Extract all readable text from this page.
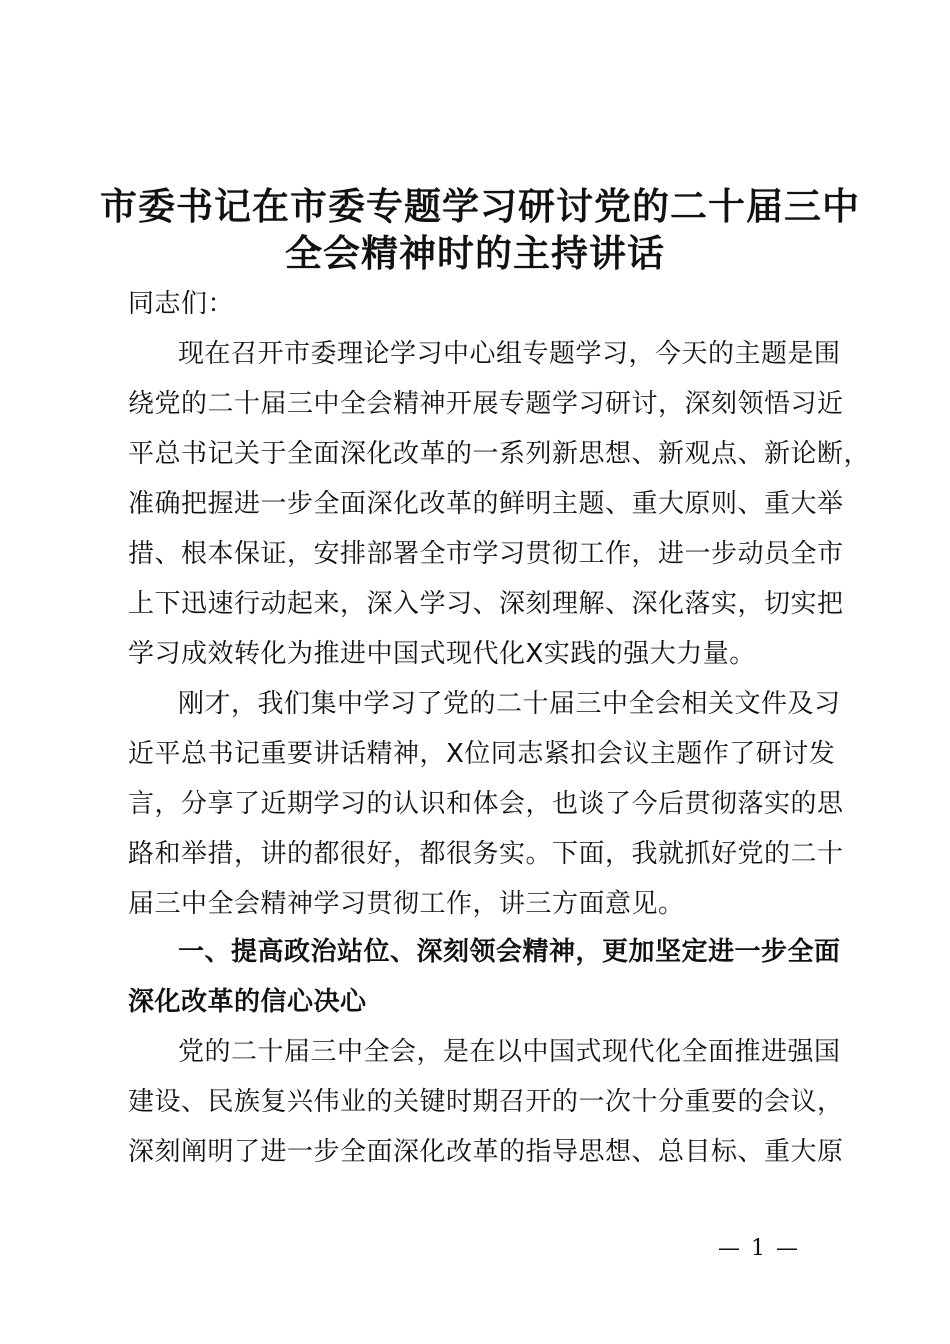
市委书记在市委专题学习研讨党的二十届三中
全会精神时的主持讲话
同志们：
现在召开市委理论学习中心组专题学习，今天的主题是围
绕党的二十届三中全会精神开展专题学习研讨，深刻领悟习近
平总书记关于全面深化改革的一系列新思想、新观点、新论断，
准确把握进一步全面深化改革的鲜明主题、重大原则、重大举
措、根本保证，安排部署全市学习贯彻工作，进一步动员全市
上下迅速行动起来，深入学习、深刻理解、深化落实，切实把
学习成效转化为推进中国式现代化X实践的强大力量。
刚才，我们集中学习了党的二十届三中全会相关文件及习
近平总书记重要讲话精神，X位同志紧扣会议主题作了研讨发
言，分享了近期学习的认识和体会，也谈了今后贯彻落实的思
路和举措，讲的都很好，都很务实。下面，我就抓好党的二十
届三中全会精神学习贯彻工作，讲三方面意见。
一、提高政治站位、深刻领会精神，更加坚定进一步全面
深化改革的信心决心
党的二十届三中全会，是在以中国式现代化全面推进强国
建设、民族复兴伟业的关键时期召开的一次十分重要的会议，
深刻阐明了进一步全面深化改革的指导思想、总目标、重大原
— 1 —
